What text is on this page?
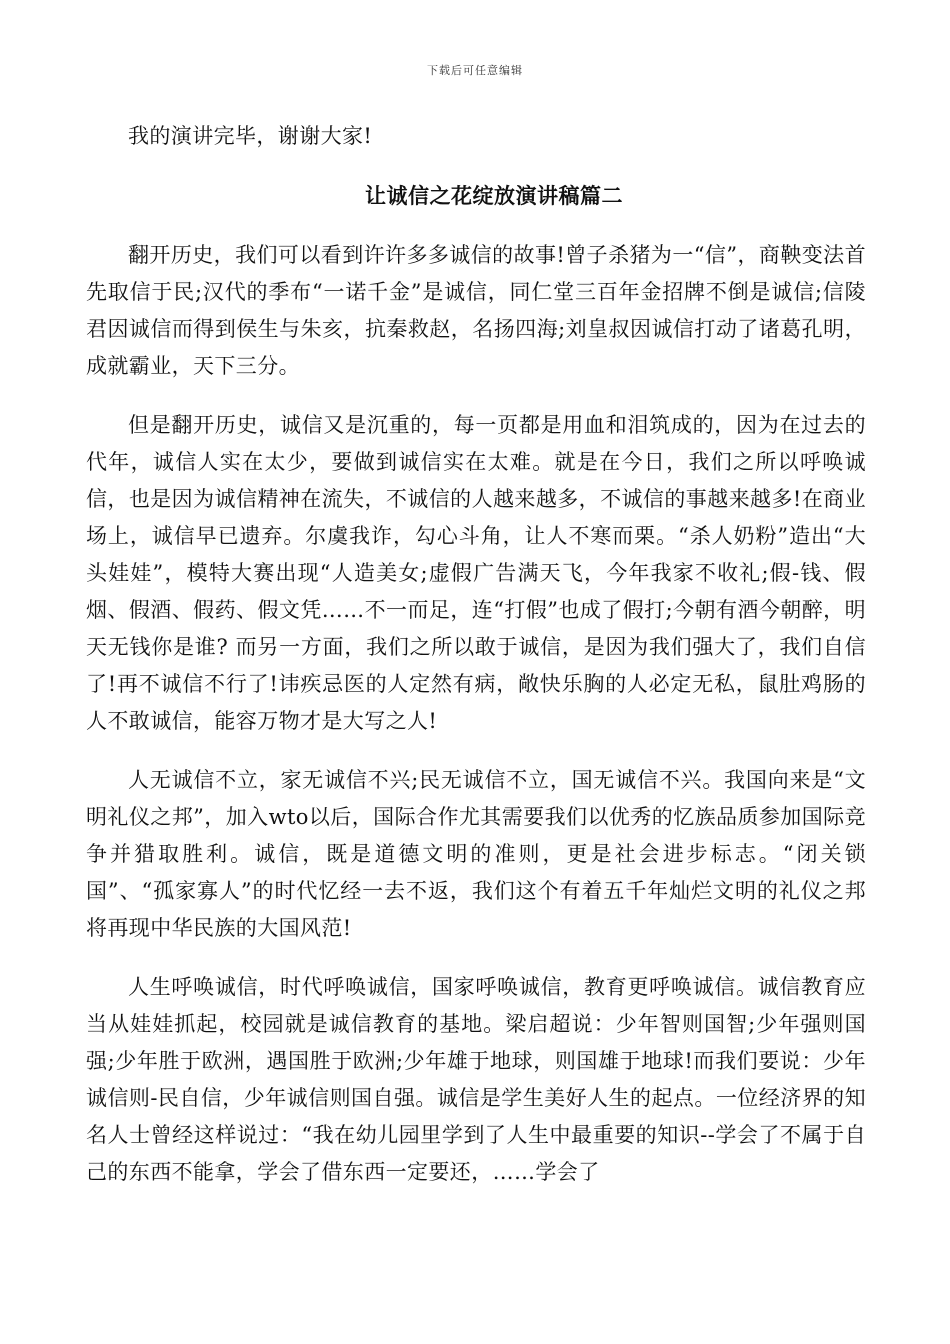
下载后可任意编辑

我的演讲完毕，谢谢大家!

让诚信之花绽放演讲稿篇二

翻开历史，我们可以看到许许多多诚信的故事!曾子杀猪为一“信”，商鞅变法首先取信于民;汉代的季布“一诺千金”是诚信，同仁堂三百年金招牌不倒是诚信;信陵君因诚信而得到侯生与朱亥，抗秦救赵，名扬四海;刘皇叔因诚信打动了诸葛孔明，成就霸业，天下三分。

但是翻开历史，诚信又是沉重的，每一页都是用血和泪筑成的，因为在过去的代年，诚信人实在太少，要做到诚信实在太难。就是在今日，我们之所以呼唤诚信，也是因为诚信精神在流失，不诚信的人越来越多，不诚信的事越来越多!在商业场上，诚信早已遗弃。尔虞我诈，勾心斗角，让人不寒而栗。“杀人奶粉”造出“大头娃娃”，模特大赛出现“人造美女;虚假广告满天飞，今年我家不收礼;假-钱、假烟、假酒、假药、假文凭……不一而足，连“打假”也成了假打;今朝有酒今朝醉，明天无钱你是谁? 而另一方面，我们之所以敢于诚信，是因为我们强大了，我们自信了!再不诚信不行了!讳疾忌医的人定然有病，敞快乐胸的人必定无私，鼠肚鸡肠的人不敢诚信，能容万物才是大写之人!

人无诚信不立，家无诚信不兴;民无诚信不立，国无诚信不兴。我国向来是“文明礼仪之邦”，加入wto以后，国际合作尤其需要我们以优秀的忆族品质参加国际竞争并猎取胜利。诚信，既是道德文明的准则，更是社会进步标志。“闭关锁国”、“孤家寡人”的时代忆经一去不返，我们这个有着五千年灿烂文明的礼仪之邦将再现中华民族的大国风范!

人生呼唤诚信，时代呼唤诚信，国家呼唤诚信，教育更呼唤诚信。诚信教育应当从娃娃抓起，校园就是诚信教育的基地。梁启超说：少年智则国智;少年强则国强;少年胜于欧洲，遇国胜于欧洲;少年雄于地球，则国雄于地球!而我们要说：少年诚信则-民自信，少年诚信则国自强。诚信是学生美好人生的起点。一位经济界的知名人士曾经这样说过：“我在幼儿园里学到了人生中最重要的知识--学会了不属于自己的东西不能拿，学会了借东西一定要还，……学会了
